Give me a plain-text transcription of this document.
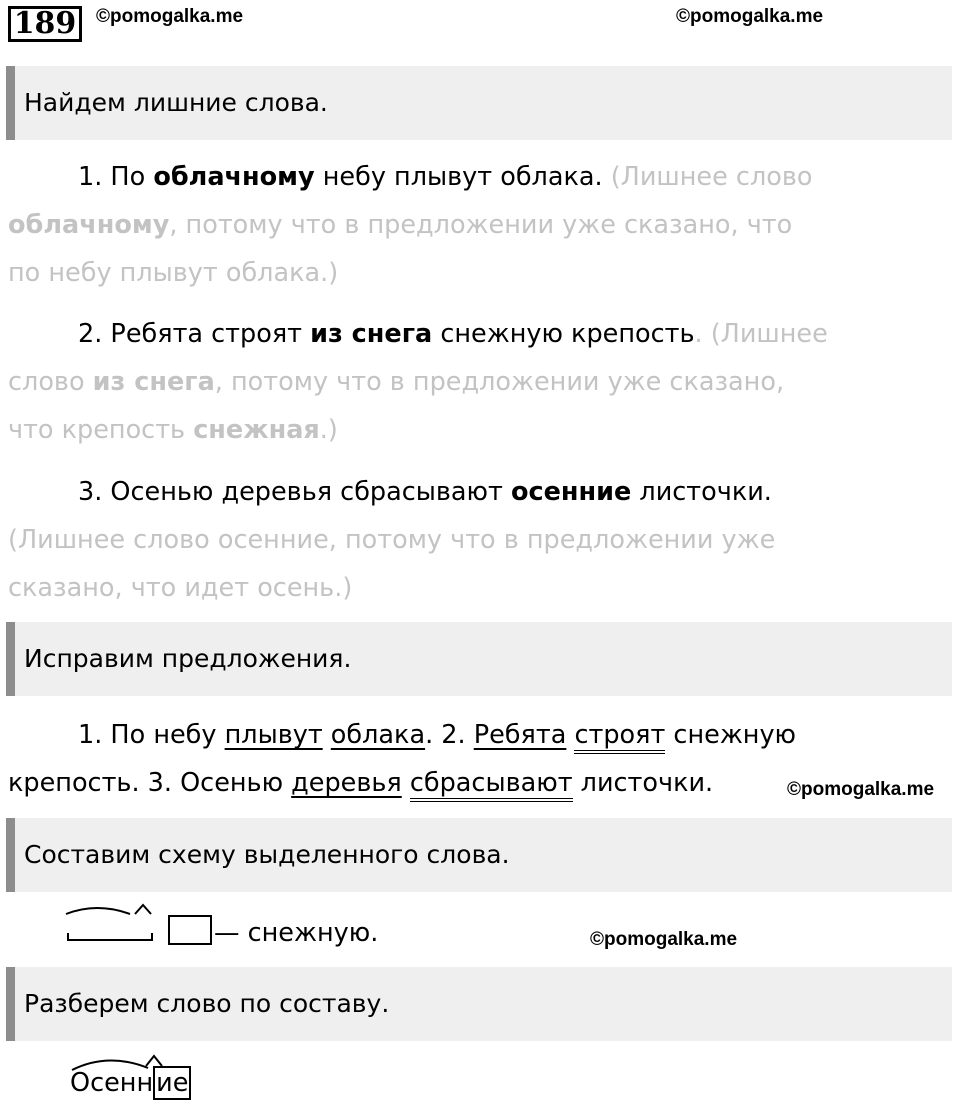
189 ©pomogalka.me	©pomogalka.me
Найдем лишние слова.
1. По облачному небу плывут облака. (Лишнее слово
облачному, потому что в предложении уже сказано, что
по небу плывут облака.)
2. Ребята строят из снега снежную крепость. (Лишнее
слово из снега, потому что в предложении уже сказано,
что крепость снежная.)
3. Осенью деревья сбрасывают осенние листочки.
(Лишнее слово осенние, потому что в предложении уже
сказано, что идет осень.)
Исправим предложения.
1. По небу плывут облака. 2. Ребята строят снежную
крепость. 3. Осенью деревья сбрасывают листочки.	©pomogalka.me
Составим схему выделенного слова.
— снежную.	©pomogalka.me
Разберем слово по составу.
Осенн ие
